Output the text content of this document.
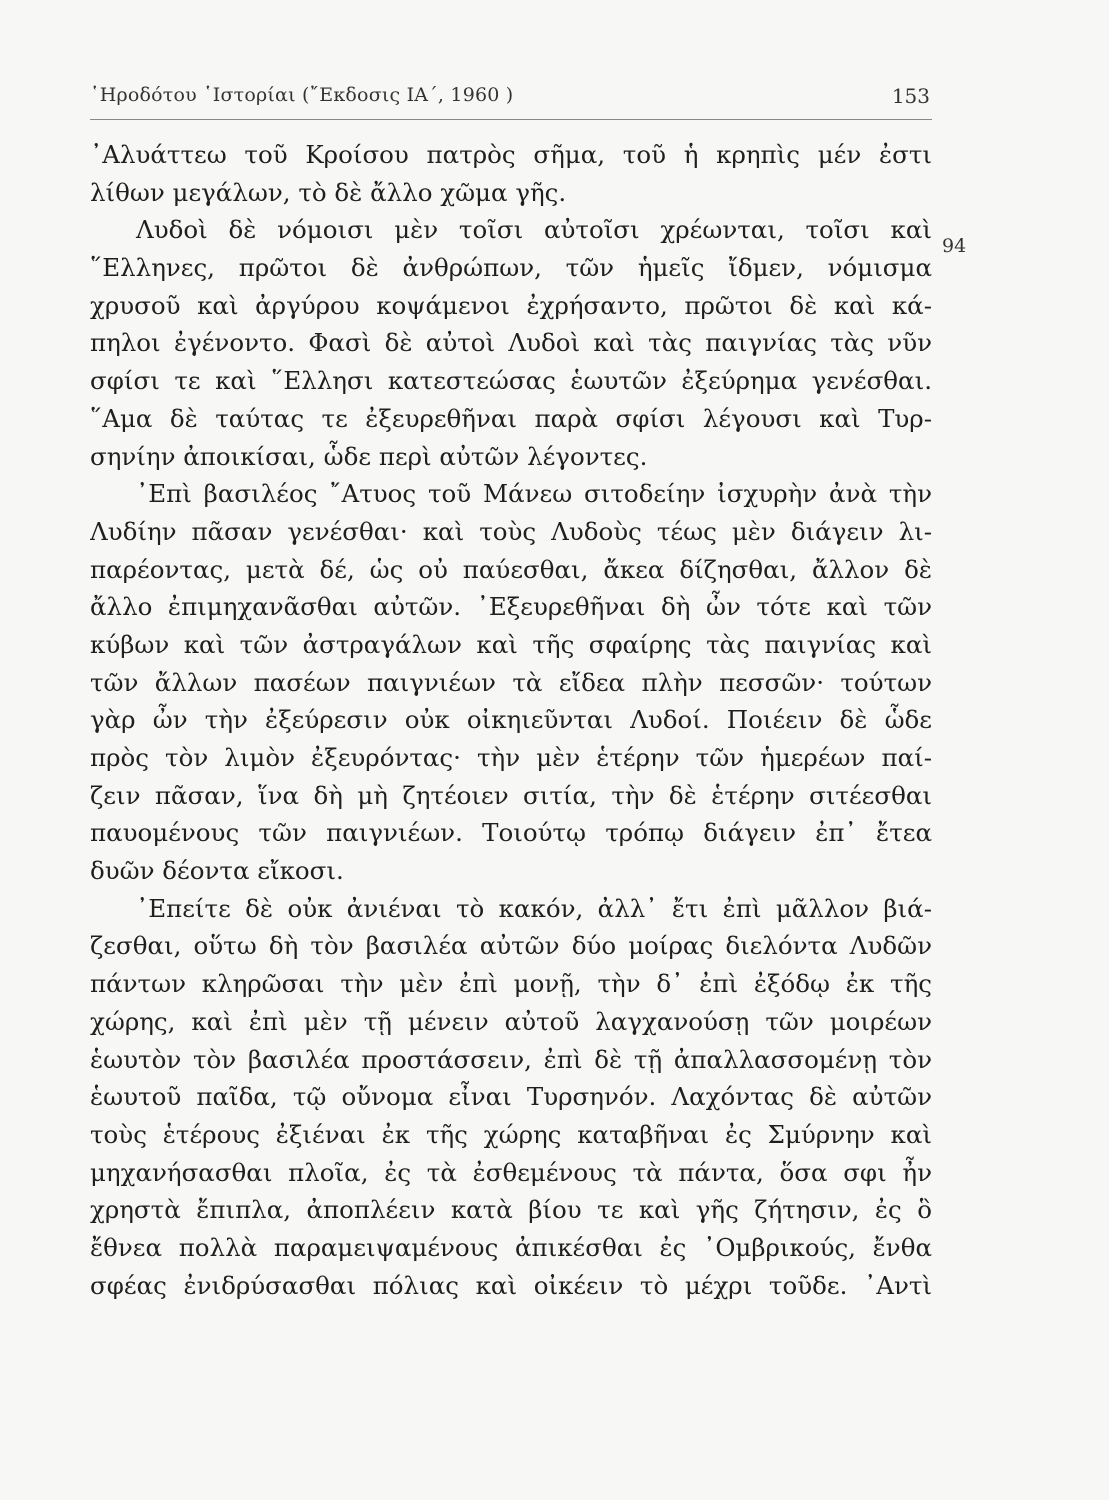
῾Ηροδότου ῾Ιστορίαι (῎Εκδοσις ΙΑ΄, 1960 )	153
94
᾿Αλυάττεω τοῦ Κροίσου πατρὸς σῆμα, τοῦ ἡ κρηπὶς μέν ἐστι
λίθων μεγάλων, τὸ δὲ ἄλλο χῶμα γῆς.
Λυδοὶ δὲ νόμοισι μὲν τοῖσι αὐτοῖσι χρέωνται, τοῖσι καὶ
῞Ελληνες, πρῶτοι δὲ ἀνθρώπων, τῶν ἡμεῖς ἴδμεν, νόμισμα
χρυσοῦ καὶ ἀργύρου κοψάμενοι ἐχρήσαντο, πρῶτοι δὲ καὶ κά-
πηλοι ἐγένοντο. Φασὶ δὲ αὐτοὶ Λυδοὶ καὶ τὰς παιγνίας τὰς νῦν
σφίσι τε καὶ ῞Ελλησι κατεστεώσας ἑωυτῶν ἐξεύρημα γενέσθαι.
῞Αμα δὲ ταύτας τε ἐξευρεθῆναι παρὰ σφίσι λέγουσι καὶ Τυρ-
σηνίην ἀποικίσαι, ὧδε περὶ αὐτῶν λέγοντες.
᾿Επὶ βασιλέος ῎Ατυος τοῦ Μάνεω σιτοδείην ἰσχυρὴν ἀνὰ τὴν
Λυδίην πᾶσαν γενέσθαι· καὶ τοὺς Λυδοὺς τέως μὲν διάγειν λι-
παρέοντας, μετὰ δέ, ὡς οὐ παύεσθαι, ἄκεα δίζησθαι, ἄλλον δὲ
ἄλλο ἐπιμηχανᾶσθαι αὐτῶν. ᾿Εξευρεθῆναι δὴ ὦν τότε καὶ τῶν
κύβων καὶ τῶν ἀστραγάλων καὶ τῆς σφαίρης τὰς παιγνίας καὶ
τῶν ἄλλων πασέων παιγνιέων τὰ εἴδεα πλὴν πεσσῶν· τούτων
γὰρ ὦν τὴν ἐξεύρεσιν οὐκ οἰκηιεῦνται Λυδοί. Ποιέειν δὲ ὧδε
πρὸς τὸν λιμὸν ἐξευρόντας· τὴν μὲν ἑτέρην τῶν ἡμερέων παί-
ζειν πᾶσαν, ἵνα δὴ μὴ ζητέοιεν σιτία, τὴν δὲ ἑτέρην σιτέεσθαι
παυομένους τῶν παιγνιέων. Τοιούτῳ τρόπῳ διάγειν ἐπ᾿ ἔτεα
δυῶν δέοντα εἴκοσι.
᾿Επείτε δὲ οὐκ ἀνιέναι τὸ κακόν, ἀλλ᾿ ἔτι ἐπὶ μᾶλλον βιά-
ζεσθαι, οὕτω δὴ τὸν βασιλέα αὐτῶν δύο μοίρας διελόντα Λυδῶν
πάντων κληρῶσαι τὴν μὲν ἐπὶ μονῇ, τὴν δ᾿ ἐπὶ ἐξόδῳ ἐκ τῆς
χώρης, καὶ ἐπὶ μὲν τῇ μένειν αὐτοῦ λαγχανούσῃ τῶν μοιρέων
ἑωυτὸν τὸν βασιλέα προστάσσειν, ἐπὶ δὲ τῇ ἀπαλλασσομένῃ τὸν
ἑωυτοῦ παῖδα, τῷ οὔνομα εἶναι Τυρσηνόν. Λαχόντας δὲ αὐτῶν
τοὺς ἑτέρους ἐξιέναι ἐκ τῆς χώρης καταβῆναι ἐς Σμύρνην καὶ
μηχανήσασθαι πλοῖα, ἐς τὰ ἐσθεμένους τὰ πάντα, ὅσα σφι ἦν
χρηστὰ ἔπιπλα, ἀποπλέειν κατὰ βίου τε καὶ γῆς ζήτησιν, ἐς ὃ
ἔθνεα πολλὰ παραμειψαμένους ἀπικέσθαι ἐς ᾿Ομβρικούς, ἔνθα
σφέας ἐνιδρύσασθαι πόλιας καὶ οἰκέειν τὸ μέχρι τοῦδε. ᾿Αντὶ
